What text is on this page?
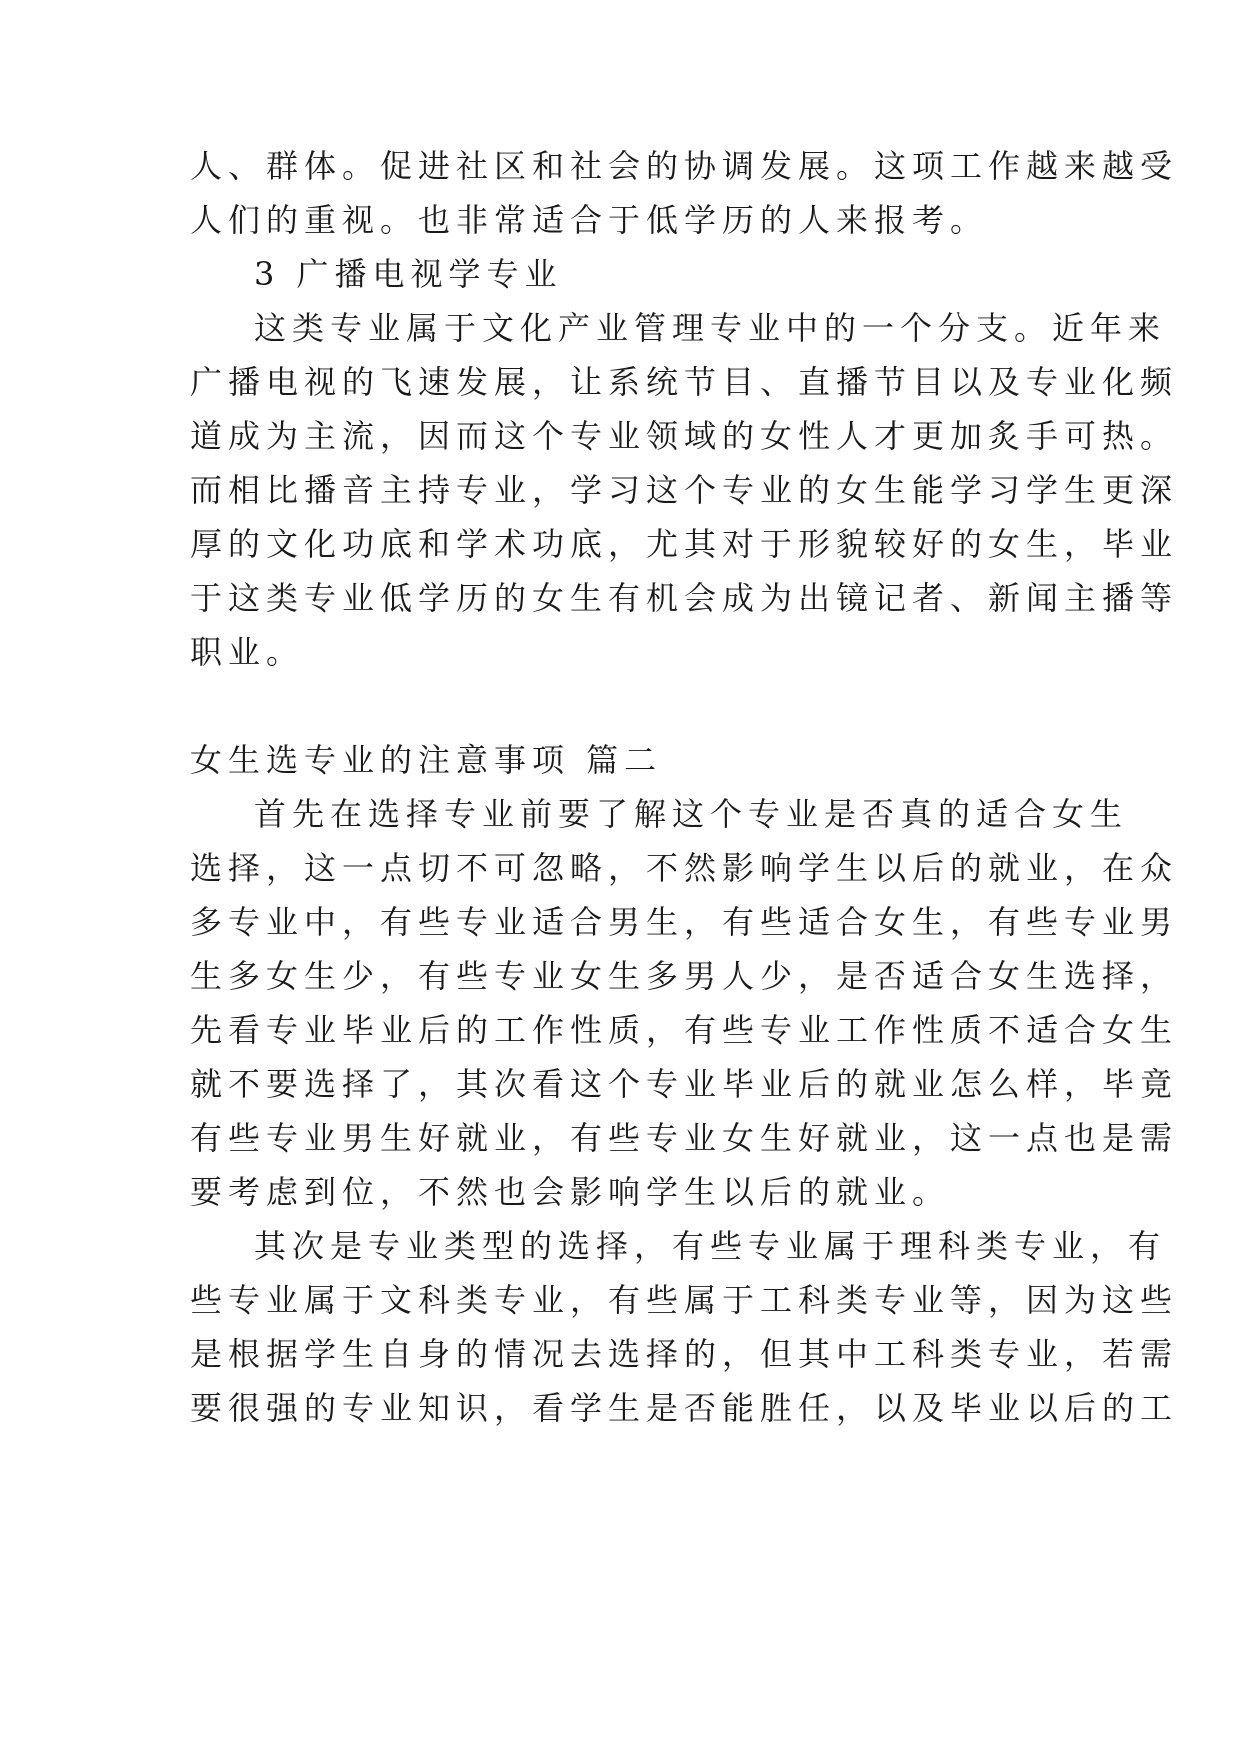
人、群体。促进社区和社会的协调发展。这项工作越来越受
人们的重视。也非常适合于低学历的人来报考。
3 广播电视学专业
这类专业属于文化产业管理专业中的一个分支。近年来
广播电视的飞速发展，让系统节目、直播节目以及专业化频
道成为主流，因而这个专业领域的女性人才更加炙手可热。
而相比播音主持专业，学习这个专业的女生能学习学生更深
厚的文化功底和学术功底，尤其对于形貌较好的女生，毕业
于这类专业低学历的女生有机会成为出镜记者、新闻主播等
职业。
女生选专业的注意事项 篇二
首先在选择专业前要了解这个专业是否真的适合女生
选择，这一点切不可忽略，不然影响学生以后的就业，在众
多专业中，有些专业适合男生，有些适合女生，有些专业男
生多女生少，有些专业女生多男人少，是否适合女生选择，
先看专业毕业后的工作性质，有些专业工作性质不适合女生
就不要选择了，其次看这个专业毕业后的就业怎么样，毕竟
有些专业男生好就业，有些专业女生好就业，这一点也是需
要考虑到位，不然也会影响学生以后的就业。
其次是专业类型的选择，有些专业属于理科类专业，有
些专业属于文科类专业，有些属于工科类专业等，因为这些
是根据学生自身的情况去选择的，但其中工科类专业，若需
要很强的专业知识，看学生是否能胜任，以及毕业以后的工
